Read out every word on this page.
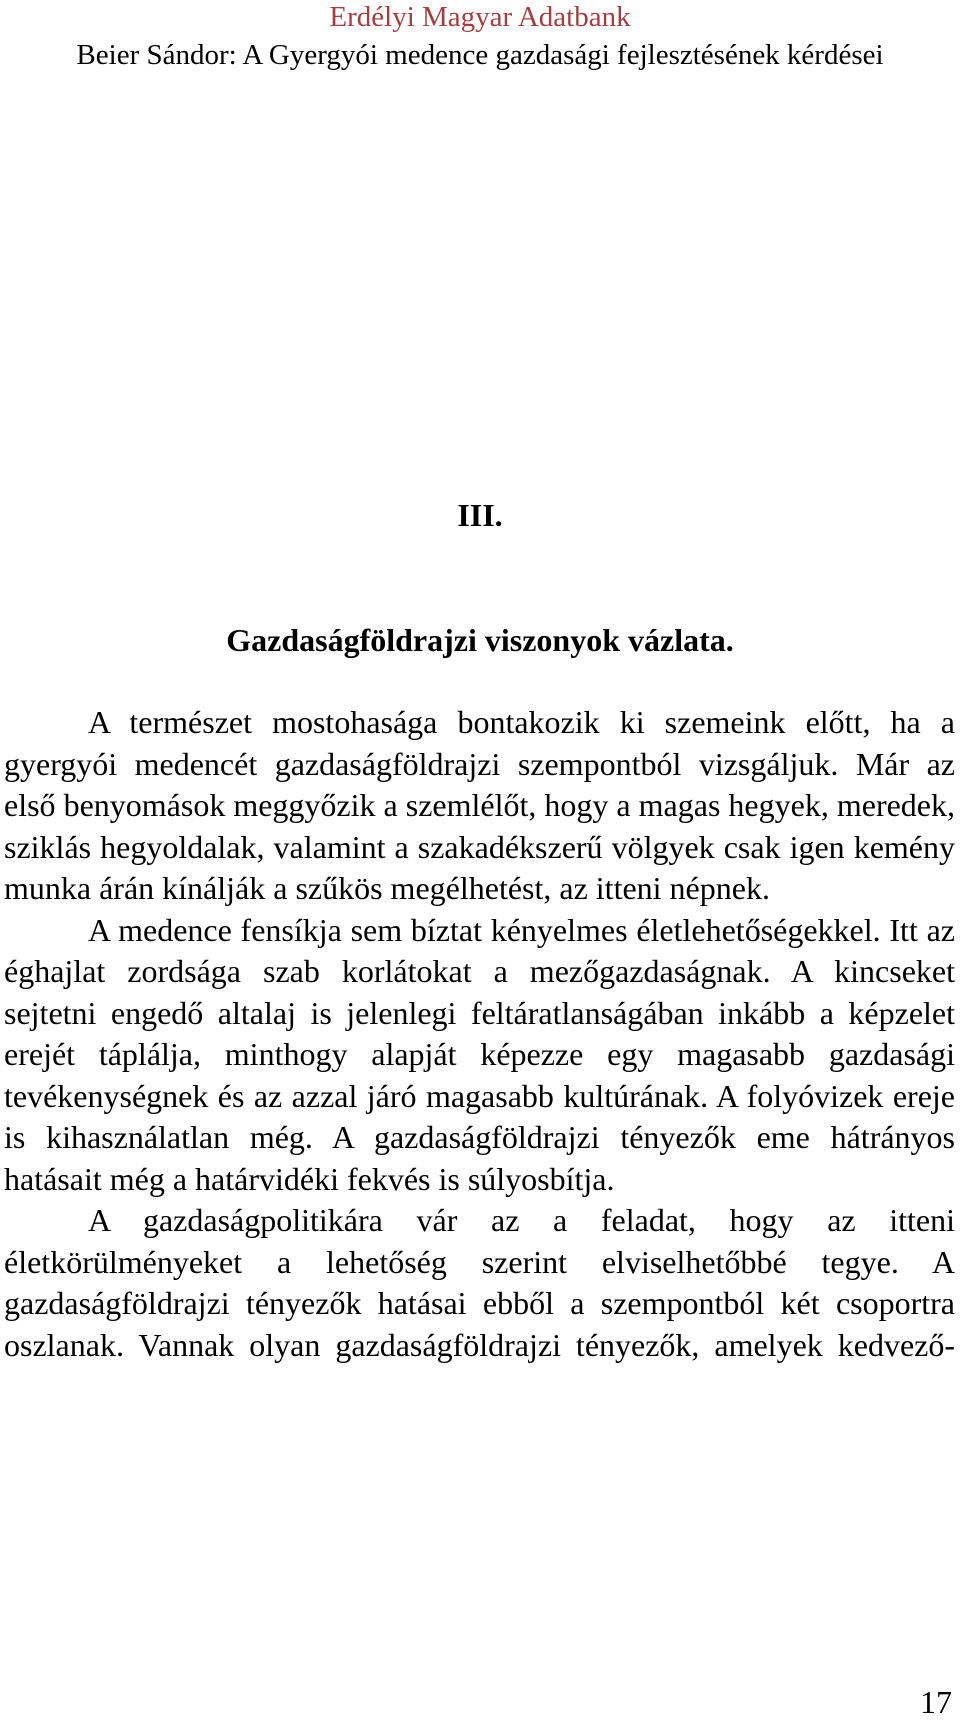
Erdélyi Magyar Adatbank
Beier Sándor: A Gyergyói medence gazdasági fejlesztésének kérdései
III.
Gazdaságföldrajzi viszonyok vázlata.

A természet mostohasága bontakozik ki szemeink előtt, ha a gyergyói medencét gazdaságföldrajzi szempontból vizsgáljuk. Már az első benyomások meggyőzik a szemlélőt, hogy a magas hegyek, meredek, sziklás hegyoldalak, valamint a szakadékszerű völgyek csak igen kemény munka árán kínálják a szűkös megélhetést, az itteni népnek.

A medence fensíkja sem bíztat kényelmes életlehetőségekkel. Itt az éghajlat zordsága szab korlátokat a mezőgazdaságnak. A kincseket sejtetni engedő altalaj is jelenlegi feltáratlanságában inkább a képzelet erejét táplálja, minthogy alapját képezze egy magasabb gazdasági tevékenységnek és az azzal járó magasabb kultúrának. A folyóvizek ereje is kihasználatlan még. A gazdaságföldrajzi tényezők eme hátrányos hatásait még a határvidéki fekvés is súlyosbítja.

A gazdaságpolitikára vár az a feladat, hogy az itteni életkörülményeket a lehetőség szerint elviselhetőbbé tegye. A gazdaságföldrajzi tényezők hatásai ebből a szempontból két csoportra oszlanak. Vannak olyan gazdaságföldrajzi tényezők, amelyek kedvező-

17
